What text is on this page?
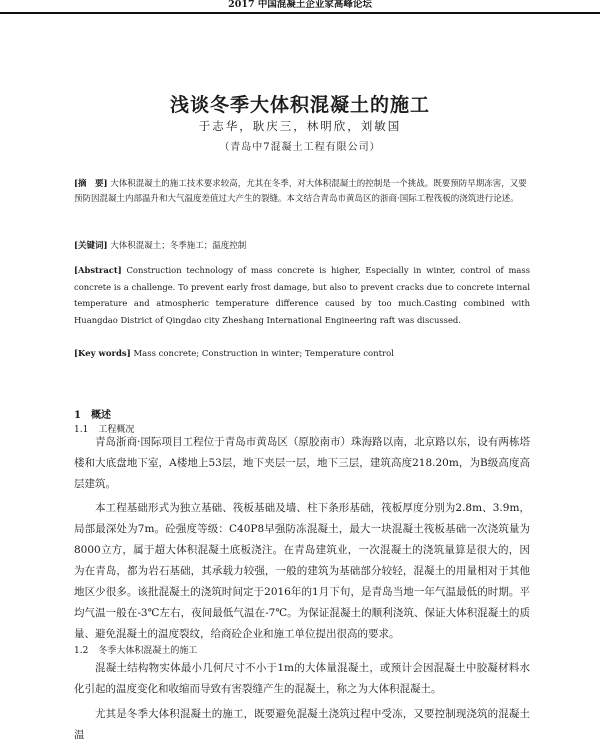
2017 中国混凝土企业家高峰论坛
浅谈冬季大体积混凝土的施工
于志华，耿庆三，林明欣，刘敏国
（青岛中7混凝土工程有限公司）
[摘　要] 大体积混凝土的施工技术要求较高，尤其在冬季，对大体积混凝土的控制是一个挑战。既要预防早期冻害，又要预防因混凝土内部温升和大气温度差值过大产生的裂缝。本文结合青岛市黄岛区的浙商·国际工程筏板的浇筑进行论述。
[关键词] 大体积混凝土；冬季施工；温度控制
[Abstract] Construction technology of mass concrete is higher, Especially in winter, control of mass concrete is a challenge. To prevent early frost damage, but also to prevent cracks due to concrete internal temperature and atmospheric temperature difference caused by too much.Casting combined with Huangdao District of Qingdao city Zheshang International Engineering raft was discussed.
[Key words] Mass concrete; Construction in winter; Temperature control
1 概述
1.1 工程概况
青岛浙商·国际项目工程位于青岛市黄岛区（原胶南市）珠海路以南，北京路以东，设有两栋塔楼和大底盘地下室，A楼地上53层，地下夹层一层，地下三层，建筑高度218.20m，为B级高度高层建筑。
本工程基础形式为独立基础、筏板基础及墙、柱下条形基础，筏板厚度分别为2.8m、3.9m，局部最深处为7m。砼强度等级：C40P8早强防冻混凝土，最大一块混凝土筏板基础一次浇筑量为8000立方，属于超大体积混凝土底板浇注。在青岛建筑业，一次混凝土的浇筑量算是很大的，因为在青岛，都为岩石基础，其承载力较强，一般的建筑为基础部分较轻，混凝土的用量相对于其他地区少很多。该批混凝土的浇筑时间定于2016年的1月下旬，是青岛当地一年气温最低的时期。平均气温一般在-3℃左右，夜间最低气温在-7℃。为保证混凝土的顺利浇筑、保证大体积混凝土的质量、避免混凝土的温度裂纹，给商砼企业和施工单位提出很高的要求。
1.2 冬季大体积混凝土的施工
混凝土结构物实体最小几何尺寸不小于1m的大体量混凝土，或预计会因混凝土中胶凝材料水化引起的温度变化和收缩而导致有害裂缝产生的混凝土，称之为大体积混凝土。
尤其是冬季大体积混凝土的施工，既要避免混凝土浇筑过程中受冻，又要控制现浇筑的混凝土温
